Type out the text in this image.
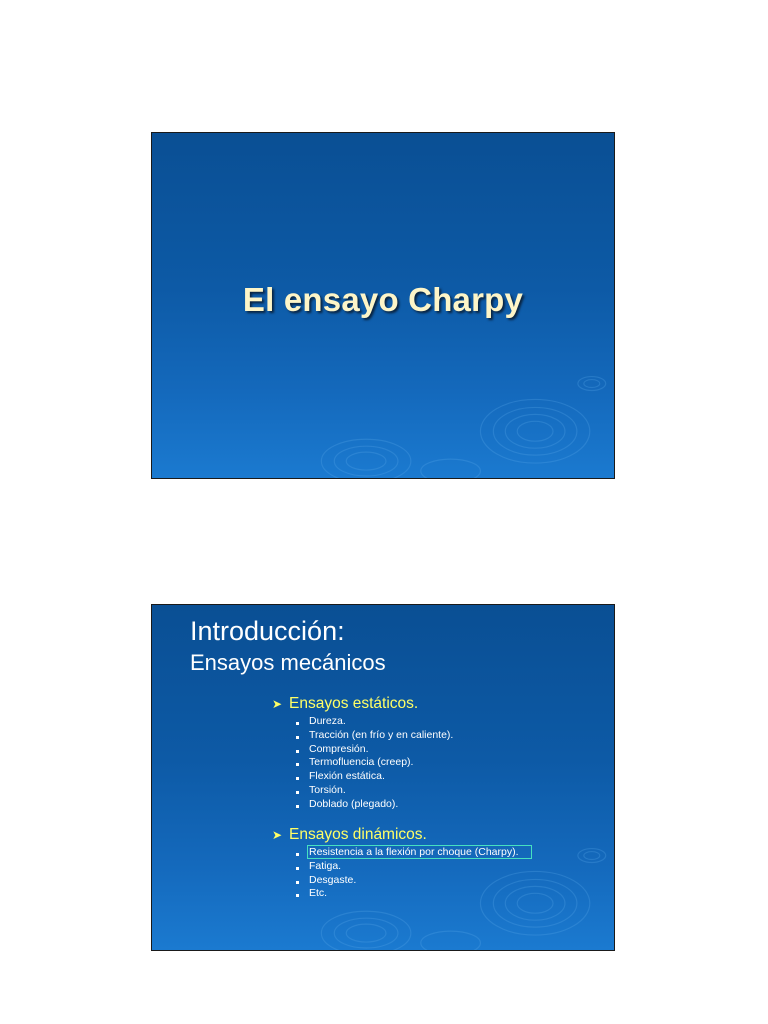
El ensayo Charpy
Introducción:
Ensayos mecánicos
➤ Ensayos estáticos.
Dureza.
Tracción (en frío y en caliente).
Compresión.
Termofluencia (creep).
Flexión estática.
Torsión.
Doblado (plegado).
➤ Ensayos dinámicos.
Resistencia a la flexión por choque (Charpy).
Fatiga.
Desgaste.
Etc.
